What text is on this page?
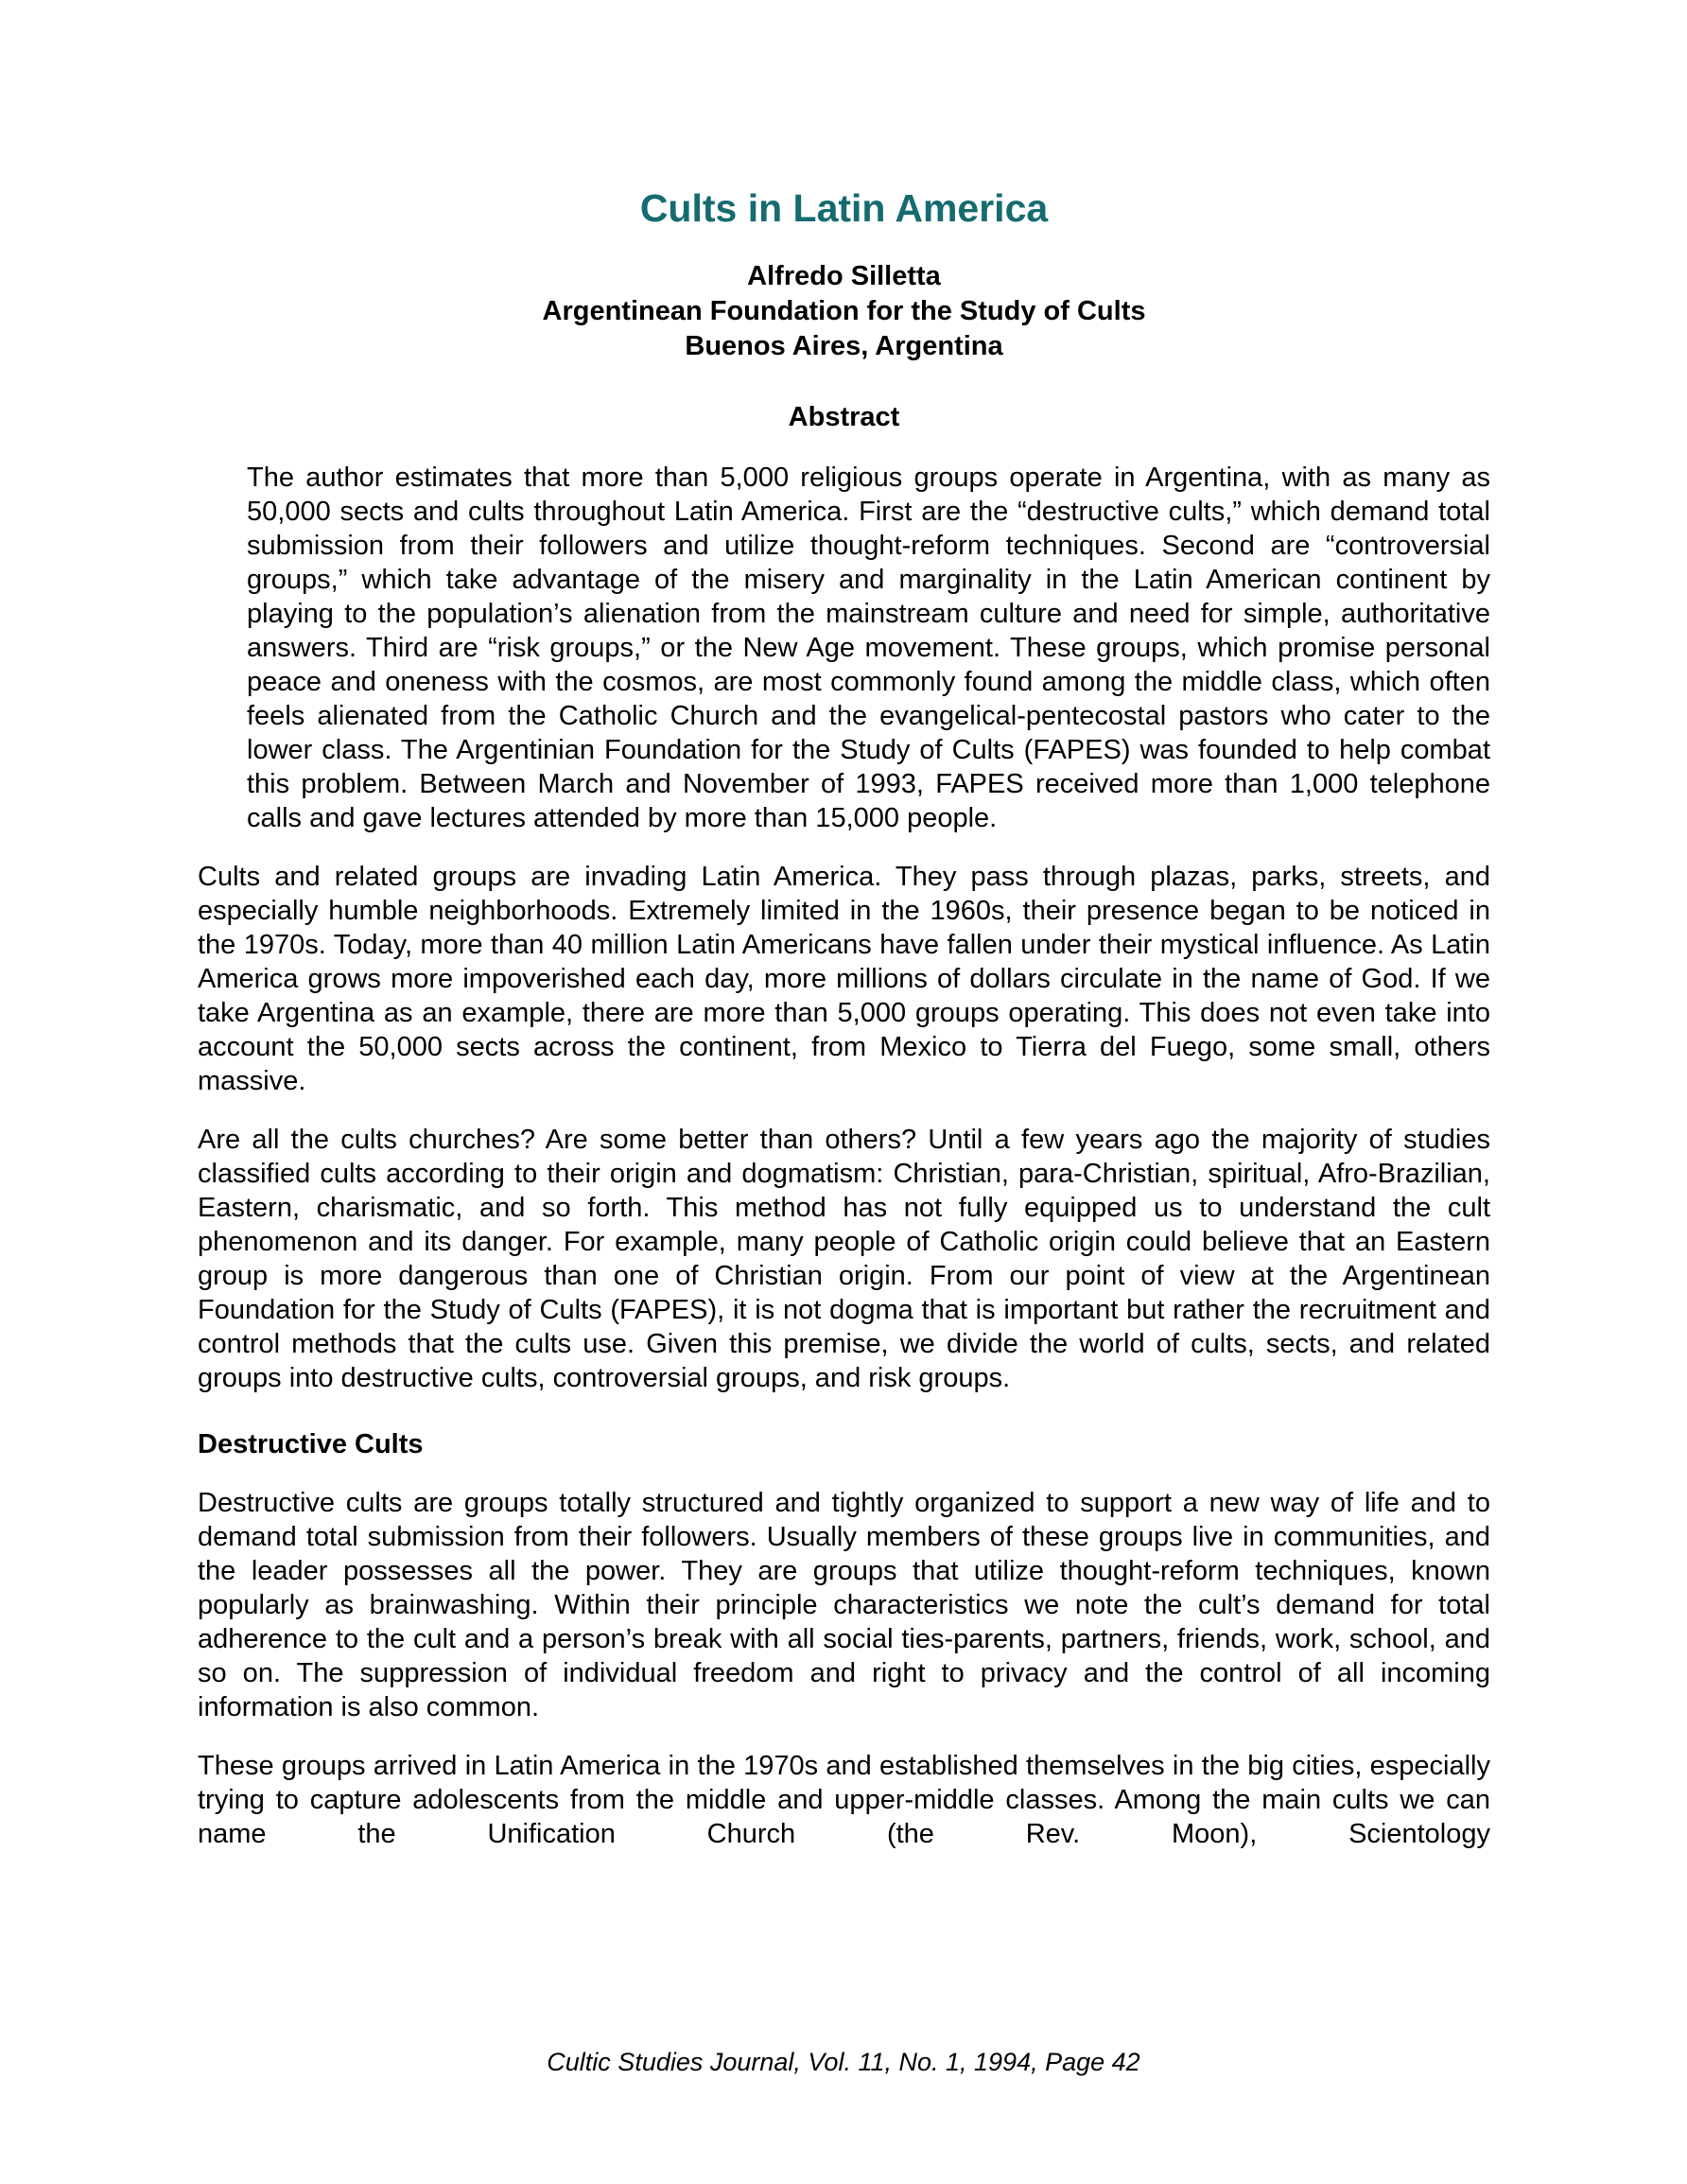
Cults in Latin America
Alfredo Silletta
Argentinean Foundation for the Study of Cults
Buenos Aires, Argentina
Abstract

The author estimates that more than 5,000 religious groups operate in Argentina, with as many as 50,000 sects and cults throughout Latin America. First are the “destructive cults,” which demand total submission from their followers and utilize thought-reform techniques. Second are “controversial groups,” which take advantage of the misery and marginality in the Latin American continent by playing to the population’s alienation from the mainstream culture and need for simple, authoritative answers. Third are “risk groups,” or the New Age movement. These groups, which promise personal peace and oneness with the cosmos, are most commonly found among the middle class, which often feels alienated from the Catholic Church and the evangelical-pentecostal pastors who cater to the lower class. The Argentinian Foundation for the Study of Cults (FAPES) was founded to help combat this problem. Between March and November of 1993, FAPES received more than 1,000 telephone calls and gave lectures attended by more than 15,000 people.

Cults and related groups are invading Latin America. They pass through plazas, parks, streets, and especially humble neighborhoods. Extremely limited in the 1960s, their presence began to be noticed in the 1970s. Today, more than 40 million Latin Americans have fallen under their mystical influence. As Latin America grows more impoverished each day, more millions of dollars circulate in the name of God. If we take Argentina as an example, there are more than 5,000 groups operating. This does not even take into account the 50,000 sects across the continent, from Mexico to Tierra del Fuego, some small, others massive.

Are all the cults churches? Are some better than others? Until a few years ago the majority of studies classified cults according to their origin and dogmatism: Christian, para-Christian, spiritual, Afro-Brazilian, Eastern, charismatic, and so forth. This method has not fully equipped us to understand the cult phenomenon and its danger. For example, many people of Catholic origin could believe that an Eastern group is more dangerous than one of Christian origin. From our point of view at the Argentinean Foundation for the Study of Cults (FAPES), it is not dogma that is important but rather the recruitment and control methods that the cults use. Given this premise, we divide the world of cults, sects, and related groups into destructive cults, controversial groups, and risk groups.

Destructive Cults

Destructive cults are groups totally structured and tightly organized to support a new way of life and to demand total submission from their followers. Usually members of these groups live in communities, and the leader possesses all the power. They are groups that utilize thought-reform techniques, known popularly as brainwashing. Within their principle characteristics we note the cult’s demand for total adherence to the cult and a person’s break with all social ties-parents, partners, friends, work, school, and so on. The suppression of individual freedom and right to privacy and the control of all incoming information is also common.

These groups arrived in Latin America in the 1970s and established themselves in the big cities, especially trying to capture adolescents from the middle and upper-middle classes. Among the main cults we can name the Unification Church (the Rev. Moon), Scientology

Cultic Studies Journal, Vol. 11, No. 1, 1994, Page 42
